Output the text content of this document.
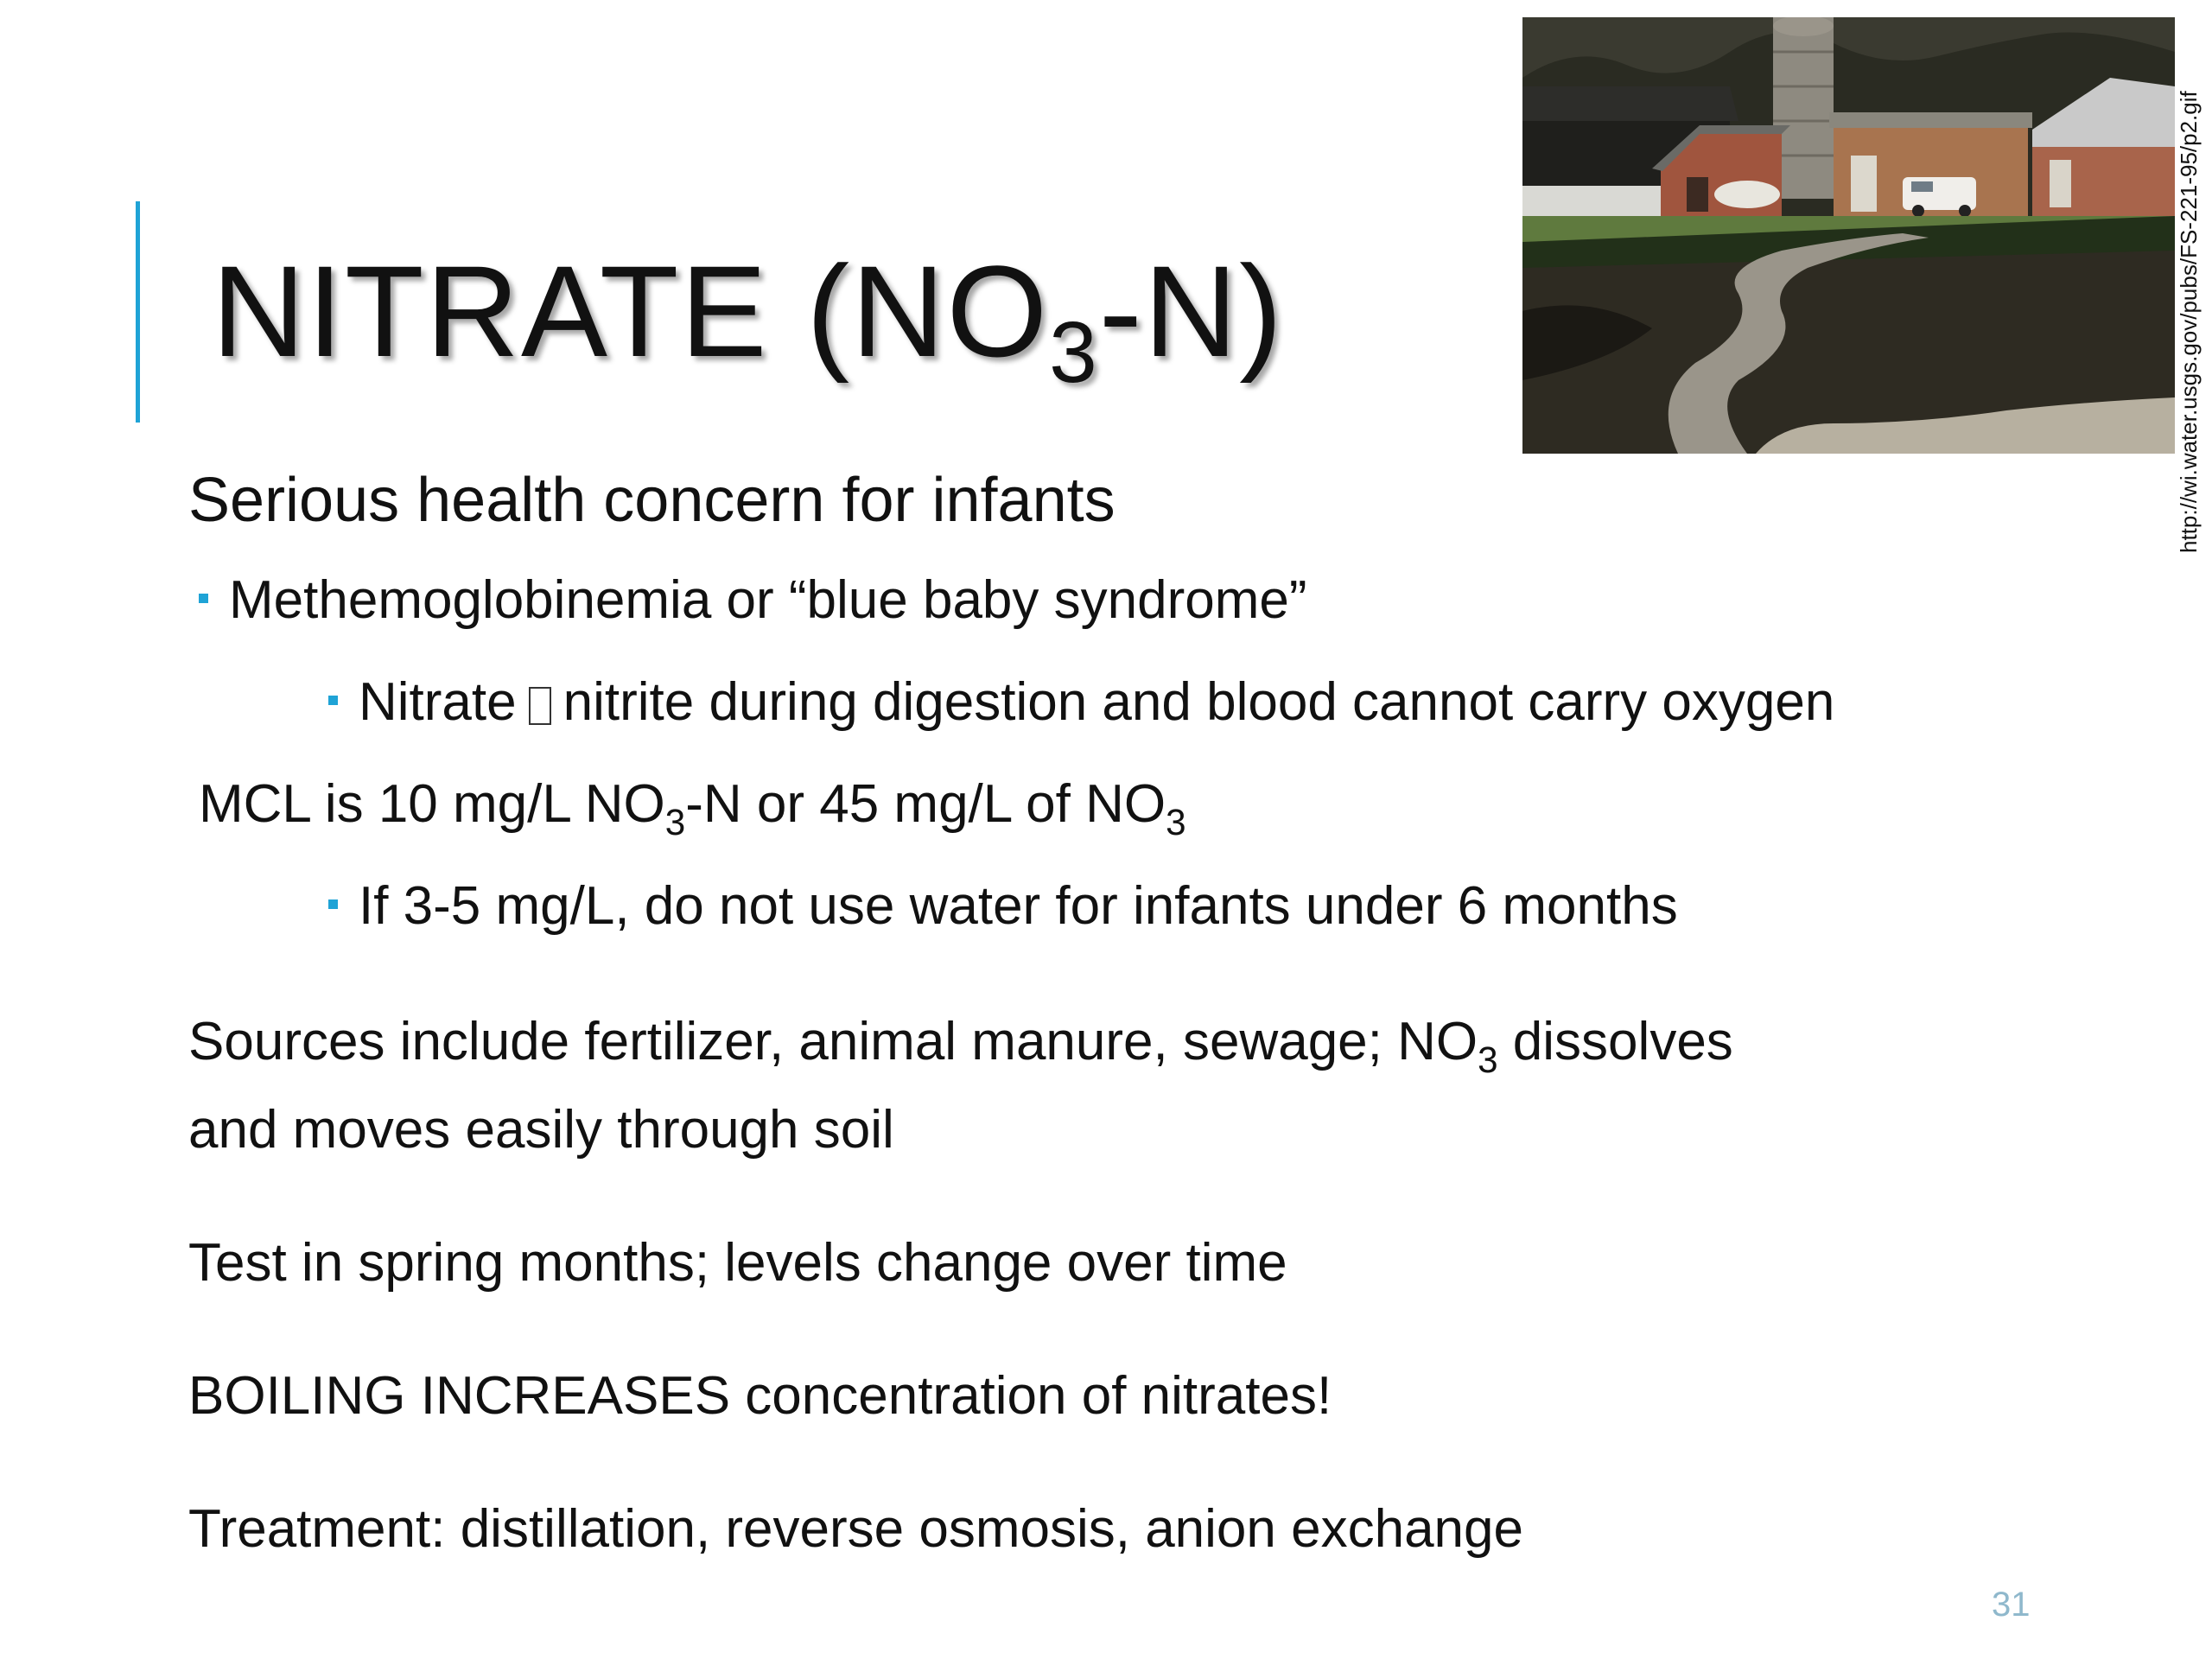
NITRATE $(NO_3-N)$	http://wi.water.usgs.gov/pubs/FS-221-95/p2.gif

Serious health concern for infants

Methemoglobinemia or “blue baby syndrome”

Nitrate nitrite during digestion and blood cannot carry oxygen

MCL is 10 mg/L $NO_3-N$ or 45 mg/L of $NO_3$

If 3-5 mg/L, do not use water for infants under 6 months

Sources include fertilizer, animal manure, sewage; $NO_3$ dissolves

and moves easily through soil

Test in spring months; levels change over time

BOILING INCREASES concentration of nitrates!

Treatment: distillation, reverse osmosis, anion exchange

31
